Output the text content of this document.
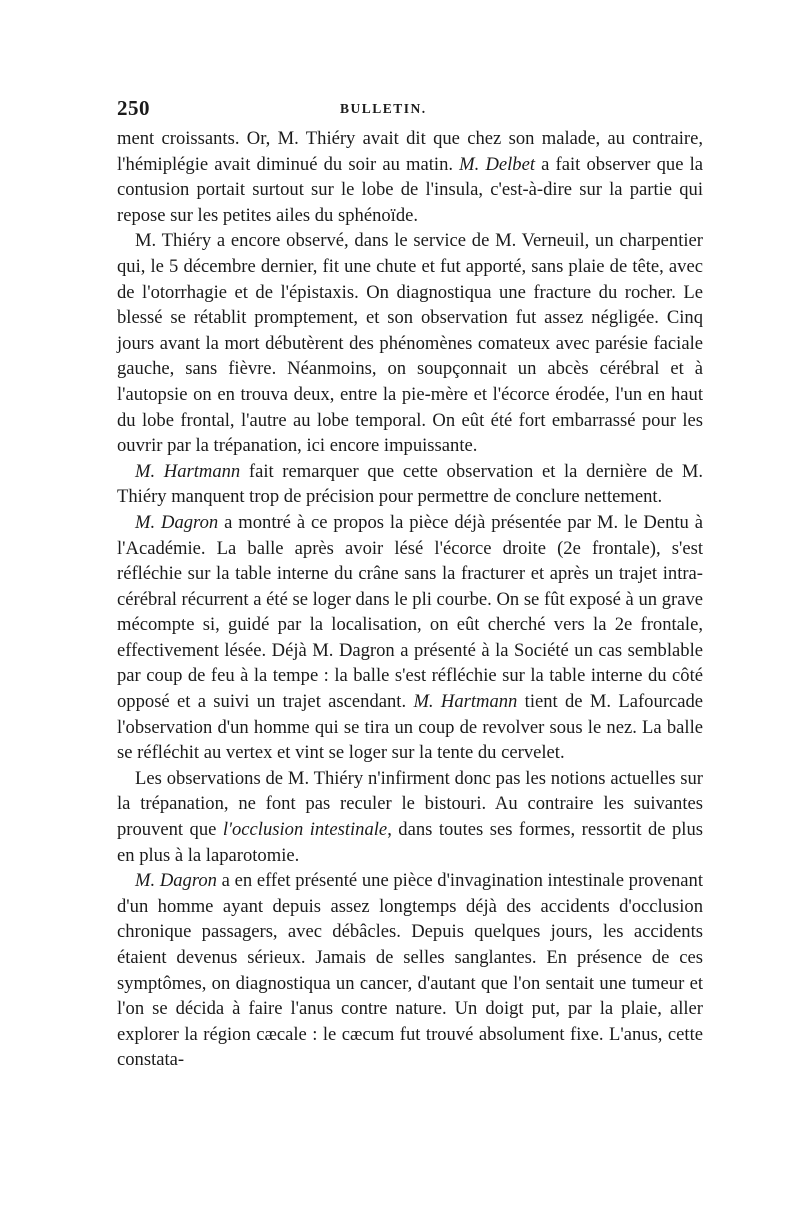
250	BULLETIN.

ment croissants. Or, M. Thiéry avait dit que chez son malade, au contraire, l'hémiplégie avait diminué du soir au matin. M. Delbet a fait observer que la contusion portait surtout sur le lobe de l'insula, c'est-à-dire sur la partie qui repose sur les petites ailes du sphénoïde.

M. Thiéry a encore observé, dans le service de M. Verneuil, un charpentier qui, le 5 décembre dernier, fit une chute et fut apporté, sans plaie de tête, avec de l'otorrhagie et de l'épistaxis. On diagnostiqua une fracture du rocher. Le blessé se rétablit promptement, et son observation fut assez négligée. Cinq jours avant la mort débutèrent des phénomènes comateux avec parésie faciale gauche, sans fièvre. Néanmoins, on soupçonnait un abcès cérébral et à l'autopsie on en trouva deux, entre la pie-mère et l'écorce érodée, l'un en haut du lobe frontal, l'autre au lobe temporal. On eût été fort embarrassé pour les ouvrir par la trépanation, ici encore impuissante.

M. Hartmann fait remarquer que cette observation et la dernière de M. Thiéry manquent trop de précision pour permettre de conclure nettement.

M. Dagron a montré à ce propos la pièce déjà présentée par M. le Dentu à l'Académie. La balle après avoir lésé l'écorce droite (2e frontale), s'est réfléchie sur la table interne du crâne sans la fracturer et après un trajet intra-cérébral récurrent a été se loger dans le pli courbe. On se fût exposé à un grave mécompte si, guidé par la localisation, on eût cherché vers la 2e frontale, effectivement lésée. Déjà M. Dagron a présenté à la Société un cas semblable par coup de feu à la tempe : la balle s'est réfléchie sur la table interne du côté opposé et a suivi un trajet ascendant. M. Hartmann tient de M. Lafourcade l'observation d'un homme qui se tira un coup de revolver sous le nez. La balle se réfléchit au vertex et vint se loger sur la tente du cervelet.

Les observations de M. Thiéry n'infirment donc pas les notions actuelles sur la trépanation, ne font pas reculer le bistouri. Au contraire les suivantes prouvent que l'occlusion intestinale, dans toutes ses formes, ressortit de plus en plus à la laparotomie.

M. Dagron a en effet présenté une pièce d'invagination intestinale provenant d'un homme ayant depuis assez longtemps déjà des accidents d'occlusion chronique passagers, avec débâcles. Depuis quelques jours, les accidents étaient devenus sérieux. Jamais de selles sanglantes. En présence de ces symptômes, on diagnostiqua un cancer, d'autant que l'on sentait une tumeur et l'on se décida à faire l'anus contre nature. Un doigt put, par la plaie, aller explorer la région cæcale : le cæcum fut trouvé absolument fixe. L'anus, cette constata-
